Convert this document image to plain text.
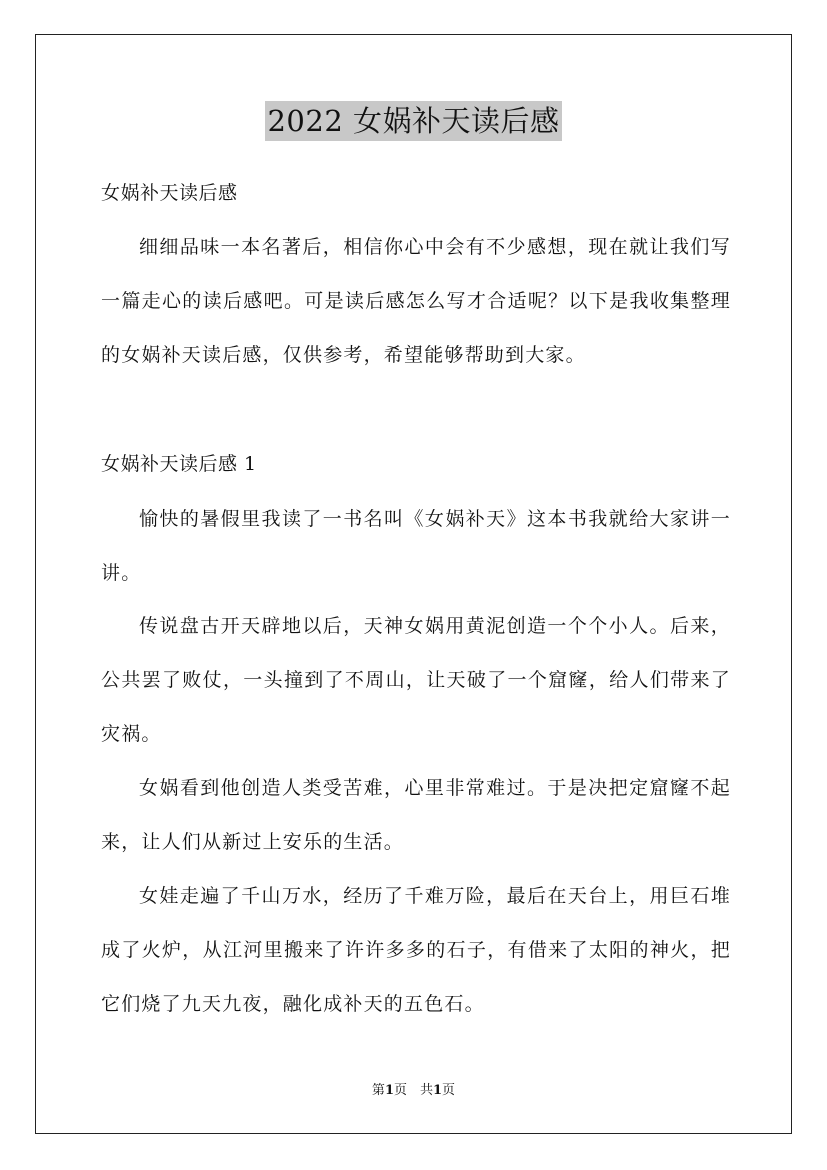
2022 女娲补天读后感

女娲补天读后感

细细品味一本名著后，相信你心中会有不少感想，现在就让我们写一篇走心的读后感吧。可是读后感怎么写才合适呢？以下是我收集整理的女娲补天读后感，仅供参考，希望能够帮助到大家。

女娲补天读后感 1

愉快的暑假里我读了一书名叫《女娲补天》这本书我就给大家讲一讲。

传说盘古开天辟地以后，天神女娲用黄泥创造一个个小人。后来，公共罢了败仗，一头撞到了不周山，让天破了一个窟窿，给人们带来了灾祸。

女娲看到他创造人类受苦难，心里非常难过。于是决把定窟窿不起来，让人们从新过上安乐的生活。

女娃走遍了千山万水，经历了千难万险，最后在天台上，用巨石堆成了火炉，从江河里搬来了许许多多的石子，有借来了太阳的神火，把它们烧了九天九夜，融化成补天的五色石。

第1页　共1页
